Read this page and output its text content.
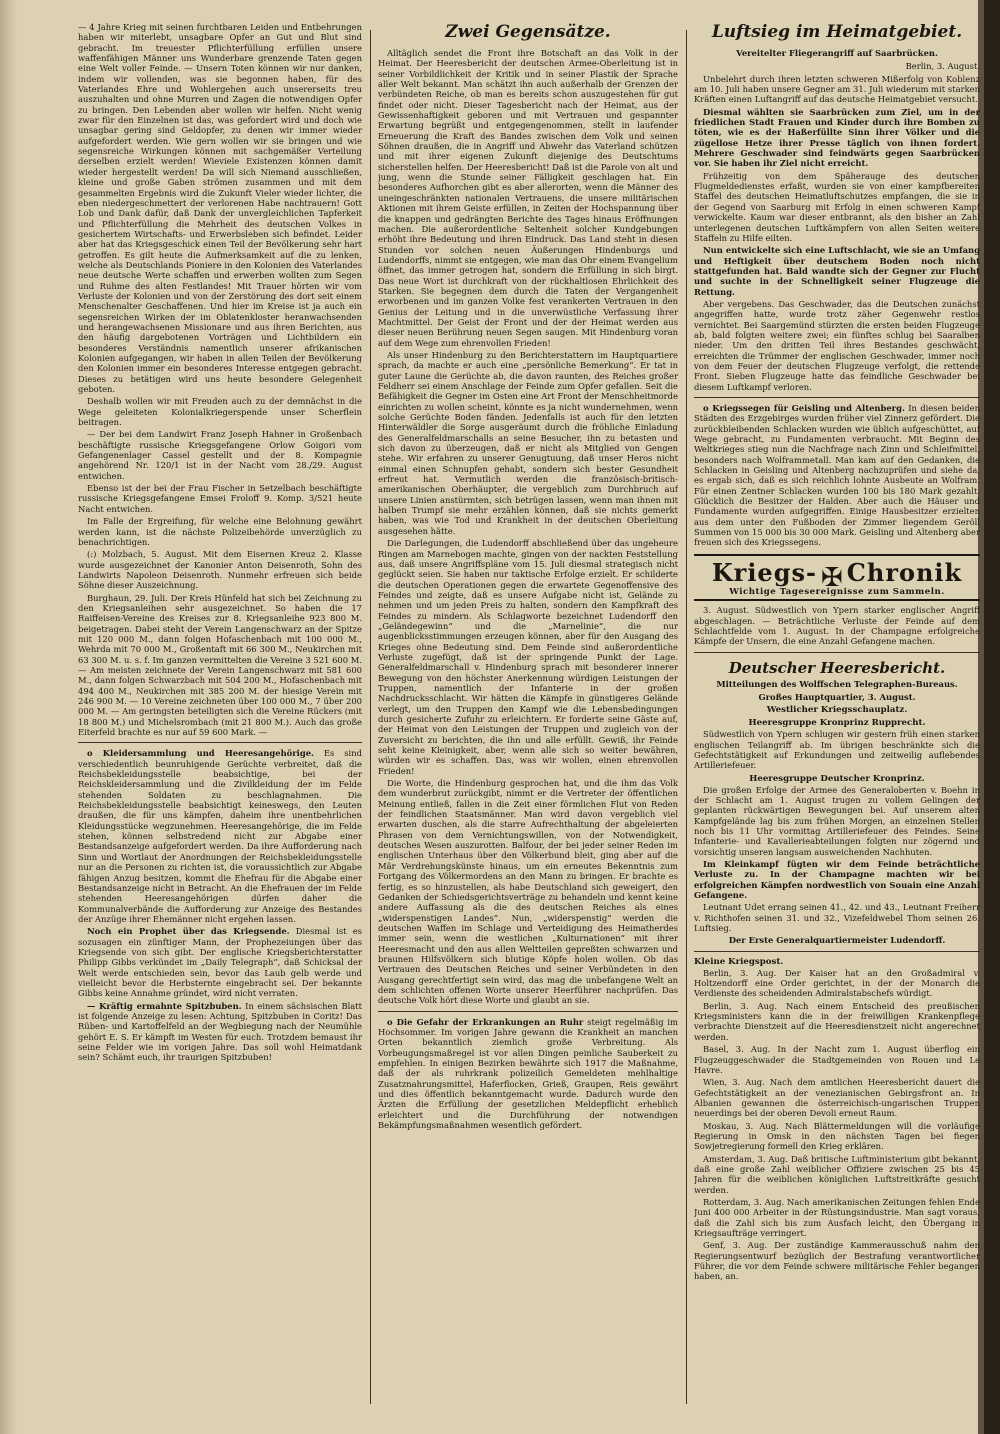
— 4 Jahre Krieg mit seinen furchtbaren Leiden und Entbehrungen haben wir miterlebt, unsagbare Opfer an Gut und Blut sind gebracht. Im treuester Pflichterfüllung erfüllen unsere waffenfähigen Männer uns Wunderbare grenzende Taten gegen eine Welt voller Feinde. — Unsern Toten können wir nur danken, indem wir vollenden, was sie begonnen haben, für des Vaterlandes Ehre und Wohlergehen auch unsererseits treu auszuhalten und ohne Murren und Zagen die notwendigen Opfer zu bringen. Den Lebenden aber wollen wir helfen. Nicht wenig zwar für den Einzelnen ist das, was gefordert wird und doch wie unsagbar gering sind Geldopfer, zu denen wir immer wieder aufgefordert werden. Wie gern wollen wir sie bringen und wie segensreiche Wirkungen können mit sachgemäßer Verteilung derselben erzielt werden! Wieviele Existenzen können damit wieder hergestellt werden! Da will sich Niemand ausschließen, kleine und große Gaben strömen zusammen und mit dem gesammelten Ergebnis wird die Zukunft Vieler wieder lichter, die eben niedergeschmettert der verlorenen Habe nachtrauern! Gott Lob und Dank dafür, daß Dank der unvergleichlichen Tapferkeit und Pflichterfüllung die Mehrheit des deutschen Volkes in gesichertem Wirtschafts- und Erwerbsleben sich befindet. Leider aber hat das Kriegsgeschick einen Teil der Bevölkerung sehr hart getroffen. Es gilt heute die Aufmerksamkeit auf die zu lenken, welche als Deutschlands Pioniere in den Kolonien des Vaterlandes neue deutsche Werte schaffen und erwerben wollten zum Segen und Ruhme des alten Festlandes! Mit Trauer hörten wir vom Verluste der Kolonien und von der Zerstörung des dort seit einem Menschenalter Geschaffenen. Und hier im Kreise ist ja auch ein segensreichen Wirken der im Oblatenkloster heranwachsenden und herangewachsenen Missionare und aus ihren Berichten, aus den häufig dargebotenen Vorträgen und Lichtbildern ein besonderes Verständnis namentlich unserer afrikanischen Kolonien aufgegangen, wir haben in allen Teilen der Bevölkerung den Kolonien immer ein besonderes Interesse entgegen gebracht. Dieses zu betätigen wird uns heute besondere Gelegenheit geboten.

Deshalb wollen wir mit Freuden auch zu der demnächst in die Wege geleiteten Kolonialkriegerspende unser Scherflein beitragen.

— Der bei dem Landwirt Franz Joseph Hahner in Großenbach beschäftigte russische Kriegsgefangene Orlow Goigori vom Gefangenenlager Cassel gestellt und der 8. Kompagnie angehörend Nr. 120/1 ist in der Nacht vom 28./29. August entwichen.

Ebenso ist der bei der Frau Fischer in Setzelbach beschäftigte russische Kriegsgefangene Emsei Froloff 9. Komp. 3/521 heute Nacht entwichen.

Im Falle der Ergreifung, für welche eine Belohnung gewährt werden kann, ist die nächste Polizeibehörde unverzüglich zu benachrichtigen.

(:) Molzbach, 5. August. Mit dem Eisernen Kreuz 2. Klasse wurde ausgezeichnet der Kanonier Anton Deisenroth, Sohn des Landwirts Napoleon Deisenroth. Nunmehr erfreuen sich beide Söhne dieser Auszeichnung.

Burghaun, 29. Juli. Der Kreis Hünfeld hat sich bei Zeichnung zu den Kriegsanleihen sehr ausgezeichnet. So haben die 17 Raiffeisen-Vereine des Kreises zur 8. Kriegsanleihe 923 800 M. beigetragen. Dabei steht der Verein Langenschwarz an der Spitze mit 120 000 M., dann folgen Hofaschenbach mit 100 000 M., Wehrda mit 70 000 M., Großentaft mit 66 300 M., Neukirchen mit 63 300 M. u. s. f. Im ganzen vermittelten die Vereine 3 521 600 M. — Am meisten zeichnete der Verein Langenschwarz mit 581 600 M., dann folgen Schwarzbach mit 504 200 M., Hofaschenbach mit 494 400 M., Neukirchen mit 385 200 M. der hiesige Verein mit 246 900 M. — 10 Vereine zeichneten über 100 000 M., 7 über 200 000 M. — Am geringsten beteiligten sich die Vereine Rückers (mit 18 800 M.) und Michelsrombach (mit 21 800 M.). Auch das große Eiterfeld brachte es nur auf 59 600 Mark. —

o Kleidersammlung und Heeresangehörige. Es sind verschiedentlich beunruhigende Gerüchte verbreitet, daß die Reichsbekleidungsstelle beabsichtige, bei der Reichskleidersammlung und die Zivilkleidung der im Felde stehenden Soldaten zu beschlagnahmen. Die Reichsbekleidungsstelle beabsichtigt keineswegs, den Leuten draußen, die für uns kämpfen, daheim ihre unentbehrlichen Kleidungsstücke wegzunehmen. Heeresangehörige, die im Felde stehen, können selbstredend nicht zur Abgabe einer Bestandsanzeige aufgefordert werden. Da ihre Aufforderung nach Sinn und Wortlaut der Anordnungen der Reichsbekleidungsstelle nur an die Personen zu richten ist, die voraussichtlich zur Abgabe fähigen Anzug besitzen, kommt die Ehefrau für die Abgabe einer Bestandsanzeige nicht in Betracht. An die Ehefrauen der im Felde stehenden Heeresangehörigen dürfen daher die Kommunalverbände die Aufforderung zur Anzeige des Bestandes der Anzüge ihrer Ehemänner nicht ergehen lassen.

Noch ein Prophet über das Kriegsende. Diesmal ist es sozusagen ein zünftiger Mann, der Prophezeiungen über das Kriegsende von sich gibt. Der englische Kriegsberichterstatter Philipp Gibbs verkündet im „Daily Telegraph“, daß Schicksal der Welt werde entschieden sein, bevor das Laub gelb werde und vielleicht bevor die Herbsternte eingebracht sei. Der bekannte Gibbs keine Annahme gründet, wird nicht verraten.

— Kräftig ermahnte Spitzbuben. In einem sächsischen Blatt ist folgende Anzeige zu lesen: Achtung, Spitzbuben in Coritz! Das Rüben- und Kartoffelfeld an der Wegbiegung nach der Neumühle gehört E. S. Er kämpft im Westen für euch. Trotzdem bemaust ihr seine Felder wie im vorigen Jahre. Das soll wohl Heimatdank sein? Schämt euch, ihr traurigen Spitzbuben!

Zwei Gegensätze.

Alltäglich sendet die Front ihre Botschaft an das Volk in der Heimat. Der Heeresbericht der deutschen Armee-Oberleitung ist in seiner Vorbildlichkeit der Kritik und in seiner Plastik der Sprache aller Welt bekannt. Man schätzt ihn auch außerhalb der Grenzen der verbündeten Reiche, ob man es bereits schon auszugestehen für gut findet oder nicht. Dieser Tagesbericht nach der Heimat, aus der Gewissenhaftigkeit geboren und mit Vertrauen und gespannter Erwartung begrüßt und entgegengenommen, stellt in laufender Erneuerung die Kraft des Bandes zwischen dem Volk und seinen Söhnen draußen, die in Angriff und Abwehr das Vaterland schützen und mit ihrer eigenen Zukunft diejenige des Deutschtums sicherstellen helfen. Der Heeresbericht! Daß ist die Parole von alt und jung, wenn die Stunde seiner Fälligkeit geschlagen hat. Ein besonderes Aufhorchen gibt es aber allerorten, wenn die Männer des uneingeschränkten nationalen Vertrauens, die unsere militärischen Aktionen mit ihrem Geiste erfüllen, in Zeiten der Hochspannung über die knappen und gedrängten Berichte des Tages hinaus Eröffnungen machen. Die außerordentliche Seltenheit solcher Kundgebungen erhöht ihre Bedeutung und ihren Eindruck. Das Land steht in diesen Stunden vor solchen neuen Äußerungen Hindenburgs und Ludendorffs, nimmt sie entgegen, wie man das Ohr einem Evangelium öffnet, das immer getrogen hat, sondern die Erfüllung in sich birgt. Das neue Wort ist durchkraft von der rückhaltlosen Ehrlichkeit des Starken. Sie begegnen dem durch die Taten der Vergangenheit erworbenen und im ganzen Volke fest verankerten Vertrauen in den Genius der Leitung und in die unverwüstliche Verfassung ihrer Machtmittel. Der Geist der Front und der der Heimat werden aus dieser neuen Berührung neuen Segen saugen. Mit Hindenburg voran auf dem Wege zum ehrenvollen Frieden!

Als unser Hindenburg zu den Berichterstattern im Hauptquartiere sprach, da machte er auch eine „persönliche Bemerkung“. Er tat in guter Laune die Gerüchte ab, die davon raunten, des Reiches großer Feldherr sei einem Anschlage der Feinde zum Opfer gefallen. Seit die Befähigkeit die Gegner im Osten eine Art Front der Menschheitmorde einrichten zu wollen scheint, könnte es ja nicht wundernehmen, wenn solche Gerüchte Boden fänden. Jedenfalls ist auch für den letzten Hinterwäldler die Sorge ausgeräumt durch die fröhliche Einladung des Generalfeldmarschalls an seine Besucher, ihn zu betasten und sich davon zu überzeugen, daß er nicht als Mitglied von Gengen stehe. Wir erfahren zu unserer Genugtuung, daß unser Heros nicht einmal einen Schnupfen gehabt, sondern sich bester Gesundheit erfreut hat. Vermutlich werden die französisch-britisch-amerikanischen Oberhäupter, die vergeblich zum Durchbruch auf unsere Linien anstürmten, sich betrügen lassen, wenn man ihnen mit halben Trumpf sie mehr erzählen können, daß sie nichts gemerkt haben, was wie Tod und Krankheit in der deutschen Oberleitung ausgesehen hätte.

Die Darlegungen, die Ludendorff abschließend über das ungeheure Ringen am Marnebogen machte, gingen von der nackten Feststellung aus, daß unsere Angriffspläne vom 15. Juli diesmal strategisch nicht geglückt seien. Sie haben nur taktische Erfolge erzielt. Er schilderte die deutschen Operationen gegen die erwartete Gegenoffensive des Feindes und zeigte, daß es unsere Aufgabe nicht ist, Gelände zu nehmen und um jeden Preis zu halten, sondern den Kampfkraft des Feindes zu mindern. Als Schlagworte bezeichnet Ludendorff den „Geländegewinn“ und die „Marnelinie“, die nur augenblicksstimmungen erzeugen können, aber für den Ausgang des Krieges ohne Bedeutung sind. Dem Feinde sind außerordentliche Verluste zugefügt, daß ist der springende Punkt der Lage. Generalfeldmarschall v. Hindenburg sprach mit besonderer innerer Bewegung von den höchster Anerkennung würdigen Leistungen der Truppen, namentlich der Infanterie in der großen Nachdrucksschlacht. Wir hätten die Kämpfe in günstigeres Gelände verlegt, um den Truppen den Kampf wie die Lebensbedingungen durch gesicherte Zufuhr zu erleichtern. Er forderte seine Gäste auf, der Heimat von den Leistungen der Truppen und zugleich von der Zuversicht zu berichten, die ihn und alle erfüllt. Gewiß, ihr Feinde seht keine Kleinigkeit, aber, wenn alle sich so weiter bewähren, würden wir es schaffen. Das, was wir wollen, einen ehrenvollen Frieden!

Die Worte, die Hindenburg gesprochen hat, und die ihm das Volk dem wunderbrut zurückgibt, nimmt er die Vertreter der öffentlichen Meinung entließ, fallen in die Zeit einer förmlichen Flut von Reden der feindlichen Staatsmänner. Man wird davon vergeblich viel erwarten duschen, als die starre Aufrechthaltung der abgeleierten Phrasen von dem Vernichtungswillen, von der Notwendigkeit, deutsches Wesen auszurotten. Balfour, der bei jeder seiner Reden im englischen Unterhaus über den Völkerbund bleit, ging aber auf die Mär Verdrehungskünste hinaus, um ein erneutes Bekenntnis zum Fortgang des Völkermordens an den Mann zu bringen. Er brachte es fertig, es so hinzustellen, als habe Deutschland sich geweigert, den Gedanken der Schiedsgerichtsverträge zu behandeln und kennt keine andere Auffassung als die des deutschen Reiches als eines „widerspenstigen Landes“. Nun, „widerspenstig“ werden die deutschen Waffen im Schlage und Verteidigung des Heimatherdes immer sein, wenn die westlichen „Kulturnationen“ mit ihrer Heeresmacht und den aus allen Weltteilen gepreßten schwarzen und braunen Hilfsvölkern sich blutige Köpfe holen wollen. Ob das Vertrauen des Deutschen Reiches und seiner Verbündeten in den Ausgang gerechtfertigt sein wird, das mag die unbefangene Welt an dem schlichten offenen Worte unserer Heerführer nachprüfen. Das deutsche Volk hört diese Worte und glaubt an sie.

o Die Gefahr der Erkrankungen an Ruhr steigt regelmäßig im Hochsommer. Im vorigen Jahre gewann die Krankheit an manchen Orten bekanntlich ziemlich große Verbreitung. Als Vorbeugungsmaßregel ist vor allen Dingen peinliche Sauberkeit zu empfehlen. In einigen Bezirken bewährte sich 1917 die Maßnahme, daß der als ruhrkrank polizeilich Gemeldeten mehlhaltige Zusatznahrungsmittel, Haferflocken, Grieß, Graupen, Reis gewährt und dies öffentlich bekanntgemacht wurde. Dadurch wurde den Ärzten die Erfüllung der gesetzlichen Meldepflicht erheblich erleichtert und die Durchführung der notwendigen Bekämpfungsmaßnahmen wesentlich gefördert.

Luftsieg im Heimatgebiet.
Vereitelter Fliegerangriff auf Saarbrücken.

Berlin, 3. August.

Unbelehrt durch ihren letzten schweren Mißerfolg von Koblenz am 10. Juli haben unsere Gegner am 31. Juli wiederum mit starken Kräften einen Luftangriff auf das deutsche Heimatgebiet versucht.

Diesmal wählten sie Saarbrücken zum Ziel, um in der friedlichen Stadt Frauen und Kinder durch ihre Bomben zu töten, wie es der Haßerfüllte Sinn ihrer Völker und die zügellose Hetze ihrer Presse täglich von ihnen fordert. Mehrere Geschwader sind feindwärts gegen Saarbrücken vor. Sie haben ihr Ziel nicht erreicht.

Frühzeitig von dem Späherauge des deutschen Flugmeldedienstes erfaßt, wurden sie von einer kampfbereiten Staffel des deutschen Heimatluftschutzes empfangen, die sie in der Gegend von Saarburg mit Erfolg in einen schweren Kampf verwickelte. Kaum war dieser entbrannt, als den bisher an Zahl unterlegenen deutschen Luftkämpfern von allen Seiten weitere Staffeln zu Hilfe eilten.

Nun entwickelte sich eine Luftschlacht, wie sie an Umfang und Heftigkeit über deutschem Boden noch nicht stattgefunden hat. Bald wandte sich der Gegner zur Flucht und suchte in der Schnelligkeit seiner Flugzeuge die Rettung.

Aber vergebens. Das Geschwader, das die Deutschen zunächst angegriffen hatte, wurde trotz zäher Gegenwehr restlos vernichtet. Bei Saargemünd stürzten die ersten beiden Flugzeuge ab, bald folgten weitere zwei; ein fünftes schlug bei Saaralben nieder. Um den dritten Teil ihres Bestandes geschwächt, erreichten die Trümmer der englischen Geschwader, immer noch von dem Feuer der deutschen Flugzeuge verfolgt, die rettende Front. Sieben Flugzeuge hatte das feindliche Geschwader bei diesem Luftkampf verloren.

o Kriegssegen für Geisling und Altenberg. In diesen beiden Städten des Erzgebirges wurden früher viel Zinnerz gefördert. Die zurückbleibenden Schlacken wurden wie üblich aufgeschüttet, auf Wege gebracht, zu Fundamenten verbraucht. Mit Beginn des Weltkrieges stieg nun die Nachfrage nach Zinn und Schleifmittel, besonders nach Wolframmetall. Man kam auf den Gedanken, die Schlacken in Geisling und Altenberg nachzuprüfen und siehe da, es ergab sich, daß es sich reichlich lohnte Ausbeute an Wolfram. Für einen Zentner Schlacken wurden 100 bis 180 Mark gezahlt. Glücklich die Besitzer der Halden. Aber auch die Häuser und Fundamente wurden aufgegriffen. Einige Hausbesitzer erzielten aus dem unter den Fußboden der Zimmer liegendem Geröll Summen von 15 000 bis 30 000 Mark. Geisling und Altenberg aber freuen sich des Kriegssegens.

Kriegs- ✠ Chronik
Wichtige Tagesereignisse zum Sammeln.

3. August. Südwestlich von Ypern starker englischer Angriff abgeschlagen. — Beträchtliche Verluste der Feinde auf dem Schlachtfelde vom 1. August. In der Champagne erfolgreiche Kämpfe der Unsern, die eine Anzahl Gefangene machen.

Deutscher Heeresbericht.
Mitteilungen des Wolffschen Telegraphen-Bureaus.
Großes Hauptquartier, 3. August.
Westlicher Kriegsschauplatz.
Heeresgruppe Kronprinz Rupprecht.

Südwestlich von Ypern schlugen wir gestern früh einen starken englischen Teilangriff ab. Im übrigen beschränkte sich die Gefechtstätigkeit auf Erkundungen und zeitweilig auflebendes Artilleriefeuer.

Heeresgruppe Deutscher Kronprinz.

Die großen Erfolge der Armee des Generaloberten v. Boehn in der Schlacht am 1. August trugen zu vollem Gelingen der geplanten rückwärtigen Bewegungen bei. Auf unserem alten Kampfgelände lag bis zum frühen Morgen, an einzelnen Stellen noch bis 11 Uhr vormittag Artilleriefeuer des Feindes. Seine Infanterie- und Kavallerieabteilungen folgten nur zögernd und vorsichtig unseren langsam ausweichenden Nachhuten.

Im Kleinkampf fügten wir dem Feinde beträchtliche Verluste zu. In der Champagne machten wir bei erfolgreichen Kämpfen nordwestlich von Souain eine Anzahl Gefangene.

Leutnant Udet errang seinen 41., 42. und 43., Leutnant Freiherr v. Richthofen seinen 31. und 32., Vizefeldwebel Thom seinen 26. Luftsieg.

Der Erste Generalquartiermeister Ludendorff.

Kleine Kriegspost.

Berlin, 3. Aug. Der Kaiser hat an den Großadmiral v. Holtzendorff eine Order gerichtet, in der der Monarch die Verdienste des scheidenden Admiralstabschefs würdigt.

Berlin, 3. Aug. Nach einem Entscheid des preußischen Kriegsministers kann die in der freiwilligen Krankenpflege verbrachte Dienstzeit auf die Heeresdienstzeit nicht angerechnet werden.

Basel, 3. Aug. In der Nacht zum 1. August überflog ein Flugzeuggeschwader die Stadtgemeinden von Rouen und Le Havre.

Wien, 3. Aug. Nach dem amtlichen Heeresbericht dauert die Gefechtstätigkeit an der venezianischen Gebirgsfront an. In Albanien gewannen die österreichisch-ungarischen Truppen neuerdings bei der oberen Devoli erneut Raum.

Moskau, 3. Aug. Nach Blättermeldungen will die vorläufige Regierung in Omsk in den nächsten Tagen bei fiegen Sowjetregierung formell den Krieg erklären.

Amsterdam, 3. Aug. Daß britische Luftministerium gibt bekannt, daß eine große Zahl weiblicher Offiziere zwischen 25 bis 45 Jahren für die weiblichen königlichen Luftstreitkräfte gesucht werden.

Rotterdam, 3. Aug. Nach amerikanischen Zeitungen fehlen Ende Juni 400 000 Arbeiter in der Rüstungsindustrie. Man sagt voraus, daß die Zahl sich bis zum Ausfach leicht, den Übergang in Kriegsaufträge verringert.

Genf, 3. Aug. Der zuständige Kammerausschuß nahm den Regierungsentwurf bezüglich der Bestrafung verantwortlicher Führer, die vor dem Feinde schwere militärische Fehler begangen haben, an.
